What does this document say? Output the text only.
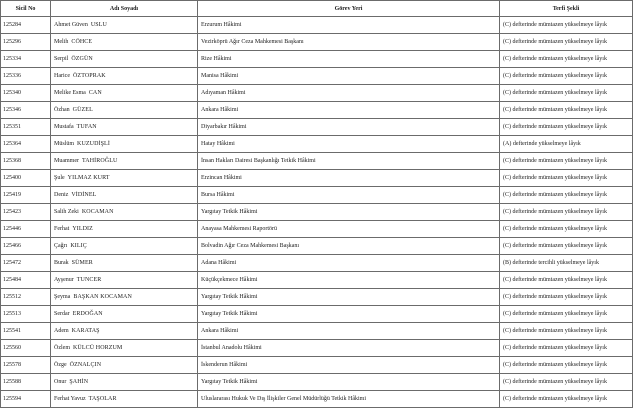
Sicil No	Adı Soyadı	Görev Yeri	Terfi Şekli
125284	Ahmet Güven USLU	Erzurum Hâkimi	(C) defterinde mümtazen yükselmeye lâyık
125296	Melih CÖHCE	Vezirköprü Ağır Ceza Mahkemesi Başkanı	(C) defterinde mümtazen yükselmeye lâyık
125334	Serpil ÖZGÜN	Rize Hâkimi	(C) defterinde mümtazen yükselmeye lâyık
125336	Harice ÖZTOPRAK	Manisa Hâkimi	(C) defterinde mümtazen yükselmeye lâyık
125340	Melike Esma CAN	Adıyaman Hâkimi	(C) defterinde mümtazen yükselmeye lâyık
125346	Özhan GÜZEL	Ankara Hâkimi	(C) defterinde mümtazen yükselmeye lâyık
125351	Mustafa TUFAN	Diyarbakır Hâkimi	(C) defterinde mümtazen yükselmeye lâyık
125364	Müslüm KUZUDİŞLİ	Hatay Hâkimi	(A) defterinde yükselmeye lâyık
125368	Muammer TAHİROĞLU	İnsan Hakları Dairesi Başkanlığı Tetkik Hâkimi	(C) defterinde mümtazen yükselmeye lâyık
125400	Şule YILMAZ KURT	Erzincan Hâkimi	(C) defterinde mümtazen yükselmeye lâyık
125419	Deniz VİDİNEL	Bursa Hâkimi	(C) defterinde mümtazen yükselmeye lâyık
125423	Salih Zeki KOCAMAN	Yargıtay Tetkik Hâkimi	(C) defterinde mümtazen yükselmeye lâyık
125446	Ferhat YILDIZ	Anayasa Mahkemesi Raportörü	(C) defterinde mümtazen yükselmeye lâyık
125466	Çağrı KILIÇ	Bolvadin Ağır Ceza Mahkemesi Başkanı	(C) defterinde mümtazen yükselmeye lâyık
125472	Burak SÜMER	Adana Hâkimi	(B) defterinde tercihli yükselmeye lâyık
125484	Ayşenur TUNCER	Küçükçekmece Hâkimi	(C) defterinde mümtazen yükselmeye lâyık
125512	Şeyma BAŞKAN KOCAMAN	Yargıtay Tetkik Hâkimi	(C) defterinde mümtazen yükselmeye lâyık
125513	Serdar ERDOĞAN	Yargıtay Tetkik Hâkimi	(C) defterinde mümtazen yükselmeye lâyık
125541	Adem KARATAŞ	Ankara Hâkimi	(C) defterinde mümtazen yükselmeye lâyık
125560	Özlem KÜLCÜ HORZUM	İstanbul Anadolu Hâkimi	(C) defterinde mümtazen yükselmeye lâyık
125578	Özge ÖZNALÇIN	İskenderun Hâkimi	(C) defterinde mümtazen yükselmeye lâyık
125588	Onur ŞAHİN	Yargıtay Tetkik Hâkimi	(C) defterinde mümtazen yükselmeye lâyık
125594	Ferhat Yavuz TAŞOLAR	Uluslararası Hukuk Ve Dış İlişkiler Genel Müdürlüğü Tetkik Hâkimi	(C) defterinde mümtazen yükselmeye lâyık
